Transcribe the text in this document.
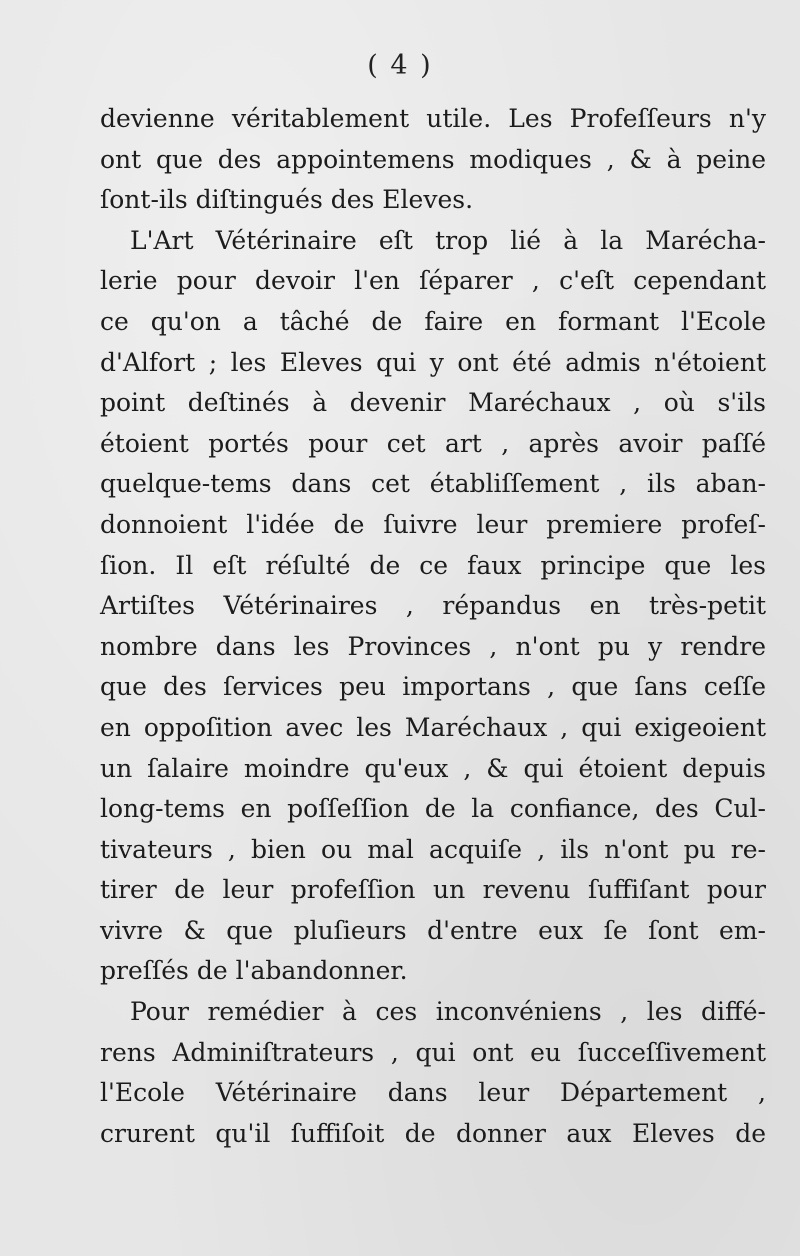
( 4 )
devienne véritablement utile. Les Profeſſeurs n'y
ont que des appointemens modiques , & à peine
ſont-ils diſtingués des Eleves.
L'Art Vétérinaire eſt trop lié à la Marécha-
lerie pour devoir l'en ſéparer , c'eſt cependant
ce qu'on a tâché de faire en formant l'Ecole
d'Alfort ; les Eleves qui y ont été admis n'étoient
point deſtinés à devenir Maréchaux , où s'ils
étoient portés pour cet art , après avoir paſſé
quelque-tems dans cet établiſſement , ils aban-
donnoient l'idée de ſuivre leur premiere profeſ-
ſion. Il eſt réſulté de ce faux principe que les
Artiſtes Vétérinaires , répandus en très-petit
nombre dans les Provinces , n'ont pu y rendre
que des ſervices peu importans , que ſans ceſſe
en oppoſition avec les Maréchaux , qui exigeoient
un ſalaire moindre qu'eux , & qui étoient depuis
long-tems en poſſeſſion de la confiance, des Cul-
tivateurs , bien ou mal acquiſe , ils n'ont pu re-
tirer de leur profeſſion un revenu ſuffiſant pour
vivre & que pluſieurs d'entre eux ſe ſont em-
preſſés de l'abandonner.
Pour remédier à ces inconvéniens , les diffé-
rens Adminiſtrateurs , qui ont eu ſucceſſivement
l'Ecole Vétérinaire dans leur Département ,
crurent qu'il ſuffiſoit de donner aux Eleves de
